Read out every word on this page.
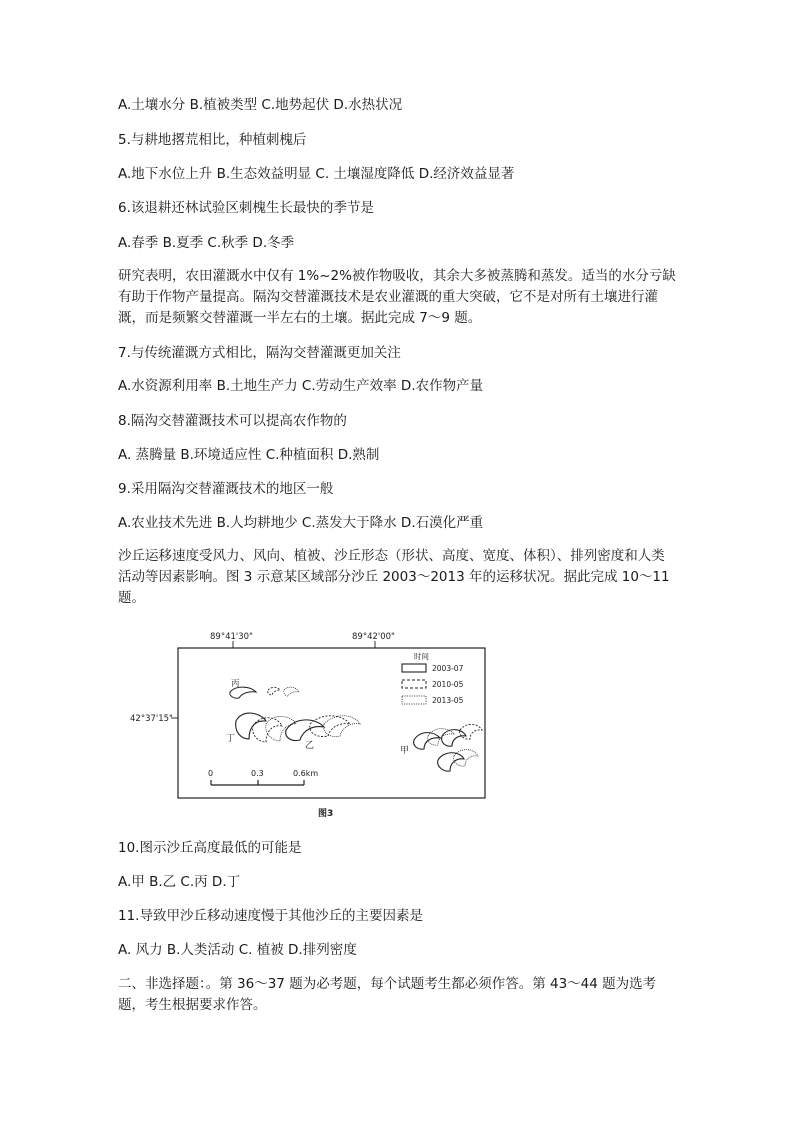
A.土壤水分 B.植被类型 C.地势起伏 D.水热状况
5.与耕地撂荒相比，种植刺槐后
A.地下水位上升 B.生态效益明显 C. 土壤湿度降低 D.经济效益显著
6.该退耕还林试验区刺槐生长最快的季节是
A.春季 B.夏季 C.秋季 D.冬季
研究表明，农田灌溉水中仅有 1%~2%被作物吸收，其余大多被蒸腾和蒸发。适当的水分亏缺有助于作物产量提高。隔沟交替灌溉技术是农业灌溉的重大突破，它不是对所有土壤进行灌溉，而是频繁交替灌溉一半左右的土壤。据此完成 7～9 题。
7.与传统灌溉方式相比，隔沟交替灌溉更加关注
A.水资源利用率 B.土地生产力 C.劳动生产效率 D.农作物产量
8.隔沟交替灌溉技术可以提高农作物的
A. 蒸腾量 B.环境适应性 C.种植面积 D.熟制
9.采用隔沟交替灌溉技术的地区一般
A.农业技术先进 B.人均耕地少 C.蒸发大于降水 D.石漠化严重
沙丘运移速度受风力、风向、植被、沙丘形态（形状、高度、宽度、体积）、排列密度和人类活动等因素影响。图 3 示意某区域部分沙丘 2003～2013 年的运移状况。据此完成 10～11 题。
89°41'30"	89°42'00"
42°37'15"
时间
2003-07
2010-05
2013-05
丙
丁
乙	甲
0	0.3	0.6km
图3
10.图示沙丘高度最低的可能是
A.甲 B.乙 C.丙 D.丁
11.导致甲沙丘移动速度慢于其他沙丘的主要因素是
A. 风力 B.人类活动 C. 植被 D.排列密度
二、非选择题：。第 36～37 题为必考题，每个试题考生都必须作答。第 43～44 题为选考题，考生根据要求作答。
